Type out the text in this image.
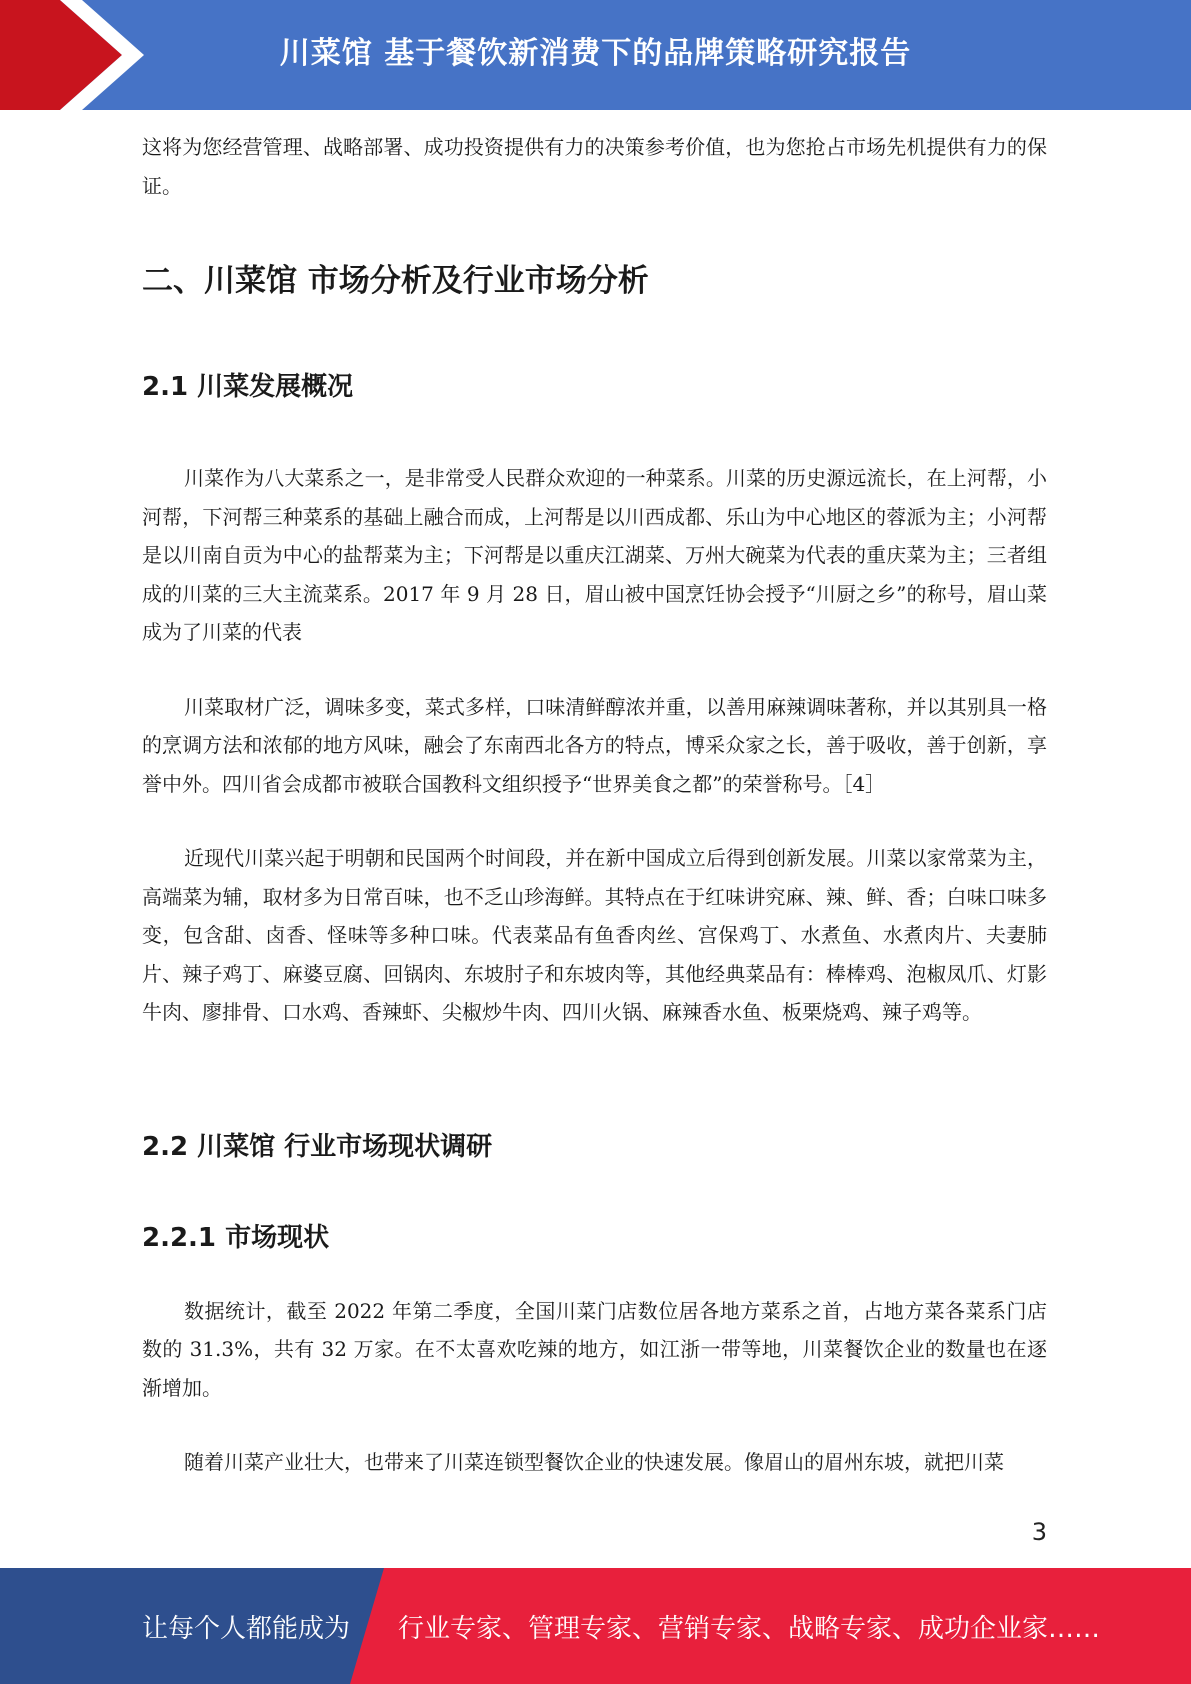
川菜馆 基于餐饮新消费下的品牌策略研究报告

这将为您经营管理、战略部署、成功投资提供有力的决策参考价值，也为您抢占市场先机提供有力的保证。

二、川菜馆 市场分析及行业市场分析
2.1 川菜发展概况

川菜作为八大菜系之一，是非常受人民群众欢迎的一种菜系。川菜的历史源远流长，在上河帮，小河帮，下河帮三种菜系的基础上融合而成，上河帮是以川西成都、乐山为中心地区的蓉派为主；小河帮是以川南自贡为中心的盐帮菜为主；下河帮是以重庆江湖菜、万州大碗菜为代表的重庆菜为主；三者组成的川菜的三大主流菜系。2017 年 9 月 28 日，眉山被中国烹饪协会授予“川厨之乡”的称号，眉山菜成为了川菜的代表

川菜取材广泛，调味多变，菜式多样，口味清鲜醇浓并重，以善用麻辣调味著称，并以其别具一格的烹调方法和浓郁的地方风味，融会了东南西北各方的特点，博采众家之长，善于吸收，善于创新，享誉中外。四川省会成都市被联合国教科文组织授予“世界美食之都”的荣誉称号。［4］

近现代川菜兴起于明朝和民国两个时间段，并在新中国成立后得到创新发展。川菜以家常菜为主，高端菜为辅，取材多为日常百味，也不乏山珍海鲜。其特点在于红味讲究麻、辣、鲜、香；白味口味多变，包含甜、卤香、怪味等多种口味。代表菜品有鱼香肉丝、宫保鸡丁、水煮鱼、水煮肉片、夫妻肺片、辣子鸡丁、麻婆豆腐、回锅肉、东坡肘子和东坡肉等，其他经典菜品有：棒棒鸡、泡椒凤爪、灯影牛肉、廖排骨、口水鸡、香辣虾、尖椒炒牛肉、四川火锅、麻辣香水鱼、板栗烧鸡、辣子鸡等。

2.2 川菜馆 行业市场现状调研
2.2.1 市场现状

数据统计，截至 2022 年第二季度，全国川菜门店数位居各地方菜系之首，占地方菜各菜系门店数的 31.3%，共有 32 万家。在不太喜欢吃辣的地方，如江浙一带等地，川菜餐饮企业的数量也在逐渐增加。

随着川菜产业壮大，也带来了川菜连锁型餐饮企业的快速发展。像眉山的眉州东坡，就把川菜

3
让每个人都能成为 行业专家、管理专家、营销专家、战略专家、成功企业家……
